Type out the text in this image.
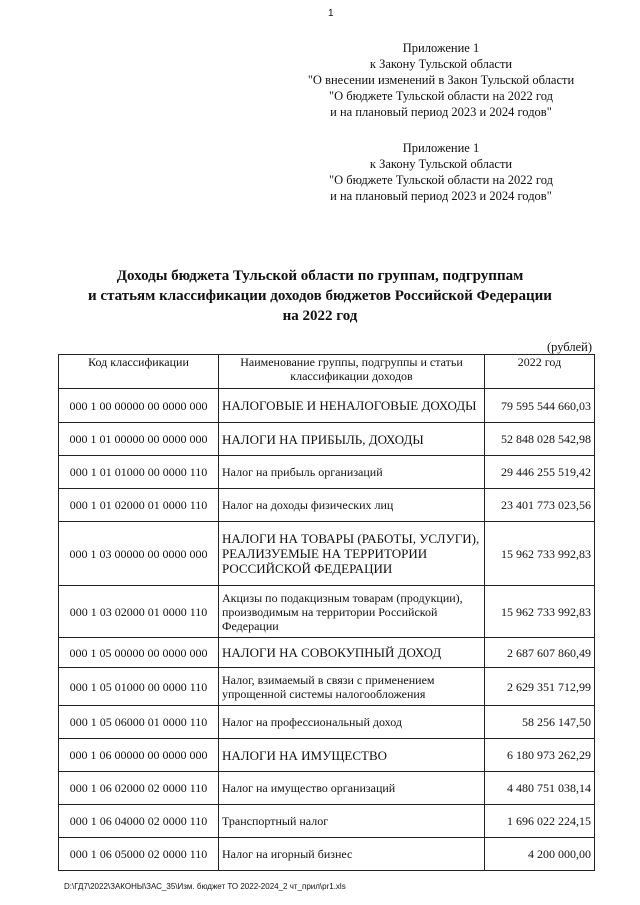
1
Приложение 1
к Закону Тульской области
"О внесении изменений в Закон Тульской области
"О бюджете Тульской области на 2022 год
и на плановый период 2023 и 2024 годов"
Приложение 1
к Закону Тульской области
"О бюджете Тульской области на 2022 год
и на плановый период 2023 и 2024 годов"
Доходы бюджета Тульской области по группам, подгруппам
и статьям классификации доходов бюджетов Российской Федерации
на 2022 год
(рублей)
Код классификации	Наименование группы, подгруппы и статьи классификации доходов	2022 год
000 1 00 00000 00 0000 000	НАЛОГОВЫЕ И НЕНАЛОГОВЫЕ ДОХОДЫ	79 595 544 660,03
000 1 01 00000 00 0000 000	НАЛОГИ НА ПРИБЫЛЬ, ДОХОДЫ	52 848 028 542,98
000 1 01 01000 00 0000 110	Налог на прибыль организаций	29 446 255 519,42
000 1 01 02000 01 0000 110	Налог на доходы физических лиц	23 401 773 023,56
000 1 03 00000 00 0000 000	НАЛОГИ НА ТОВАРЫ (РАБОТЫ, УСЛУГИ), РЕАЛИЗУЕМЫЕ НА ТЕРРИТОРИИ РОССИЙСКОЙ ФЕДЕРАЦИИ	15 962 733 992,83
000 1 03 02000 01 0000 110	Акцизы по подакцизным товарам (продукции), производимым на территории Российской Федерации	15 962 733 992,83
000 1 05 00000 00 0000 000	НАЛОГИ НА СОВОКУПНЫЙ ДОХОД	2 687 607 860,49
000 1 05 01000 00 0000 110	Налог, взимаемый в связи с применением упрощенной системы налогообложения	2 629 351 712,99
000 1 05 06000 01 0000 110	Налог на профессиональный доход	58 256 147,50
000 1 06 00000 00 0000 000	НАЛОГИ НА ИМУЩЕСТВО	6 180 973 262,29
000 1 06 02000 02 0000 110	Налог на имущество организаций	4 480 751 038,14
000 1 06 04000 02 0000 110	Транспортный налог	1 696 022 224,15
000 1 06 05000 02 0000 110	Налог на игорный бизнес	4 200 000,00
D:\ГД7\2022\ЗАКОНЫ\ЗАС_35\Изм. бюджет ТО 2022-2024_2 чт_прил\pr1.xls
